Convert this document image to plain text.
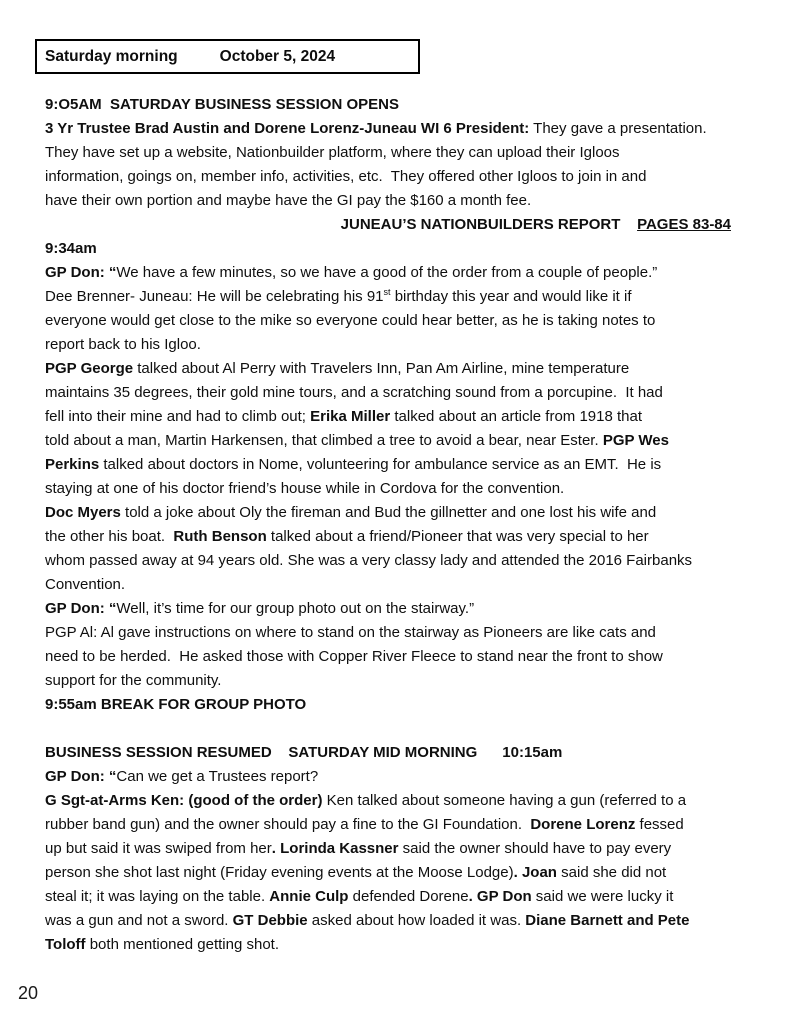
Saturday morning	October 5, 2024
9:O5AM  SATURDAY BUSINESS SESSION OPENS
3 Yr Trustee Brad Austin and Dorene Lorenz-Juneau WI 6 President: They gave a presentation.
They have set up a website, Nationbuilder platform, where they can upload their Igloos
information, goings on, member info, activities, etc.  They offered other Igloos to join in and
have their own portion and maybe have the GI pay the $160 a month fee.
JUNEAU’S NATIONBUILDERS REPORT    PAGES 83-84
9:34am
GP Don: “We have a few minutes, so we have a good of the order from a couple of people.”
Dee Brenner- Juneau: He will be celebrating his 91st birthday this year and would like it if
everyone would get close to the mike so everyone could hear better, as he is taking notes to
report back to his Igloo.
PGP George talked about Al Perry with Travelers Inn, Pan Am Airline, mine temperature
maintains 35 degrees, their gold mine tours, and a scratching sound from a porcupine.  It had
fell into their mine and had to climb out; Erika Miller talked about an article from 1918 that
told about a man, Martin Harkensen, that climbed a tree to avoid a bear, near Ester. PGP Wes
Perkins talked about doctors in Nome, volunteering for ambulance service as an EMT.  He is
staying at one of his doctor friend’s house while in Cordova for the convention.
Doc Myers told a joke about Oly the fireman and Bud the gillnetter and one lost his wife and
the other his boat.  Ruth Benson talked about a friend/Pioneer that was very special to her
whom passed away at 94 years old. She was a very classy lady and attended the 2016 Fairbanks
Convention.
GP Don: “Well, it’s time for our group photo out on the stairway.”
PGP Al: Al gave instructions on where to stand on the stairway as Pioneers are like cats and
need to be herded.  He asked those with Copper River Fleece to stand near the front to show
support for the community.
9:55am BREAK FOR GROUP PHOTO

BUSINESS SESSION RESUMED    SATURDAY MID MORNING      10:15am
GP Don: “Can we get a Trustees report?
G Sgt-at-Arms Ken: (good of the order) Ken talked about someone having a gun (referred to a
rubber band gun) and the owner should pay a fine to the GI Foundation.  Dorene Lorenz fessed
up but said it was swiped from her. Lorinda Kassner said the owner should have to pay every
person she shot last night (Friday evening events at the Moose Lodge). Joan said she did not
steal it; it was laying on the table. Annie Culp defended Dorene. GP Don said we were lucky it
was a gun and not a sword. GT Debbie asked about how loaded it was. Diane Barnett and Pete
Toloff both mentioned getting shot.
20
